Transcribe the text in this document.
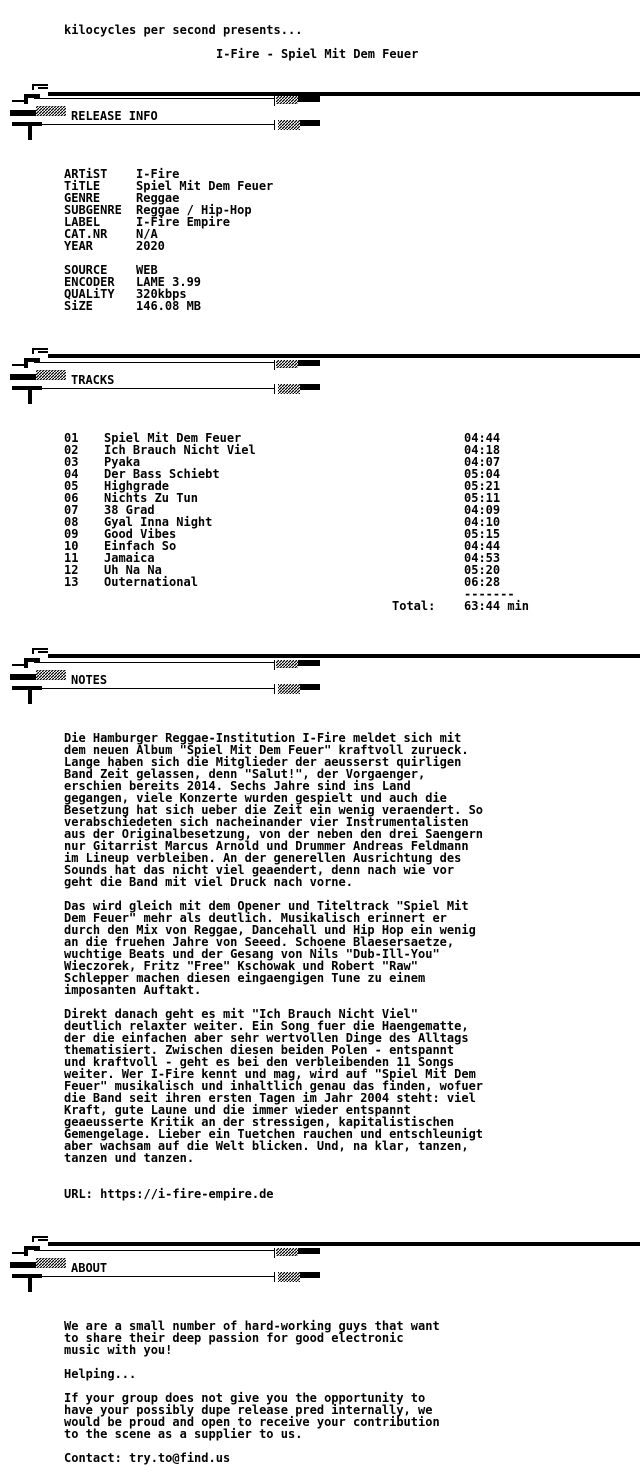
kilocycles per second presents...
I-Fire - Spiel Mit Dem Feuer
RELEASE INFO
ARTiST I-Fire
TiTLE	Spiel Mit Dem Feuer
GENRE	Reggae
SUBGENRE Reggae / Hip-Hop
LABEL	I-Fire Empire
CAT.NR N/A
YEAR	2020
SOURCE WEB
ENCODER LAME 3.99
QUALiTY 320kbps
SiZE	146.08 MB
TRACKS
01 Spiel Mit Dem Feuer	04:44
02 Ich Brauch Nicht Viel	04:18
03 Pyaka	04:07
04 Der Bass Schiebt	05:04
05 Highgrade	05:21
06 Nichts Zu Tun	05:11
07 38 Grad	04:09
08 Gyal Inna Night	04:10
09 Good Vibes	05:15
10 Einfach So	04:44
11 Jamaica	04:53
12 Uh Na Na	05:20
13 Outernational	06:28
-------
Total: 63:44 min
NOTES
Die Hamburger Reggae-Institution I-Fire meldet sich mit
dem neuen Album "Spiel Mit Dem Feuer" kraftvoll zurueck.
Lange haben sich die Mitglieder der aeusserst quirligen
Band Zeit gelassen, denn "Salut!", der Vorgaenger,
erschien bereits 2014. Sechs Jahre sind ins Land
gegangen, viele Konzerte wurden gespielt und auch die
Besetzung hat sich ueber die Zeit ein wenig veraendert. So
verabschiedeten sich nacheinander vier Instrumentalisten
aus der Originalbesetzung, von der neben den drei Saengern
nur Gitarrist Marcus Arnold und Drummer Andreas Feldmann
im Lineup verbleiben. An der generellen Ausrichtung des
Sounds hat das nicht viel geaendert, denn nach wie vor
geht die Band mit viel Druck nach vorne.
Das wird gleich mit dem Opener und Titeltrack "Spiel Mit
Dem Feuer" mehr als deutlich. Musikalisch erinnert er
durch den Mix von Reggae, Dancehall und Hip Hop ein wenig
an die fruehen Jahre von Seeed. Schoene Blaesersaetze,
wuchtige Beats und der Gesang von Nils "Dub-Ill-You"
Wieczorek, Fritz "Free" Kschowak und Robert "Raw"
Schlepper machen diesen eingaengigen Tune zu einem
imposanten Auftakt.
Direkt danach geht es mit "Ich Brauch Nicht Viel"
deutlich relaxter weiter. Ein Song fuer die Haengematte,
der die einfachen aber sehr wertvollen Dinge des Alltags
thematisiert. Zwischen diesen beiden Polen - entspannt
und kraftvoll - geht es bei den verbleibenden 11 Songs
weiter. Wer I-Fire kennt und mag, wird auf "Spiel Mit Dem
Feuer" musikalisch und inhaltlich genau das finden, wofuer
die Band seit ihren ersten Tagen im Jahr 2004 steht: viel
Kraft, gute Laune und die immer wieder entspannt
geaeusserte Kritik an der stressigen, kapitalistischen
Gemengelage. Lieber ein Tuetchen rauchen und entschleunigt
aber wachsam auf die Welt blicken. Und, na klar, tanzen,
tanzen und tanzen.
URL: https://i-fire-empire.de
ABOUT
We are a small number of hard-working guys that want
to share their deep passion for good electronic
music with you!
Helping...
If your group does not give you the opportunity to
have your possibly dupe release pred internally, we
would be proud and open to receive your contribution
to the scene as a supplier to us.
Contact: try.to@find.us
